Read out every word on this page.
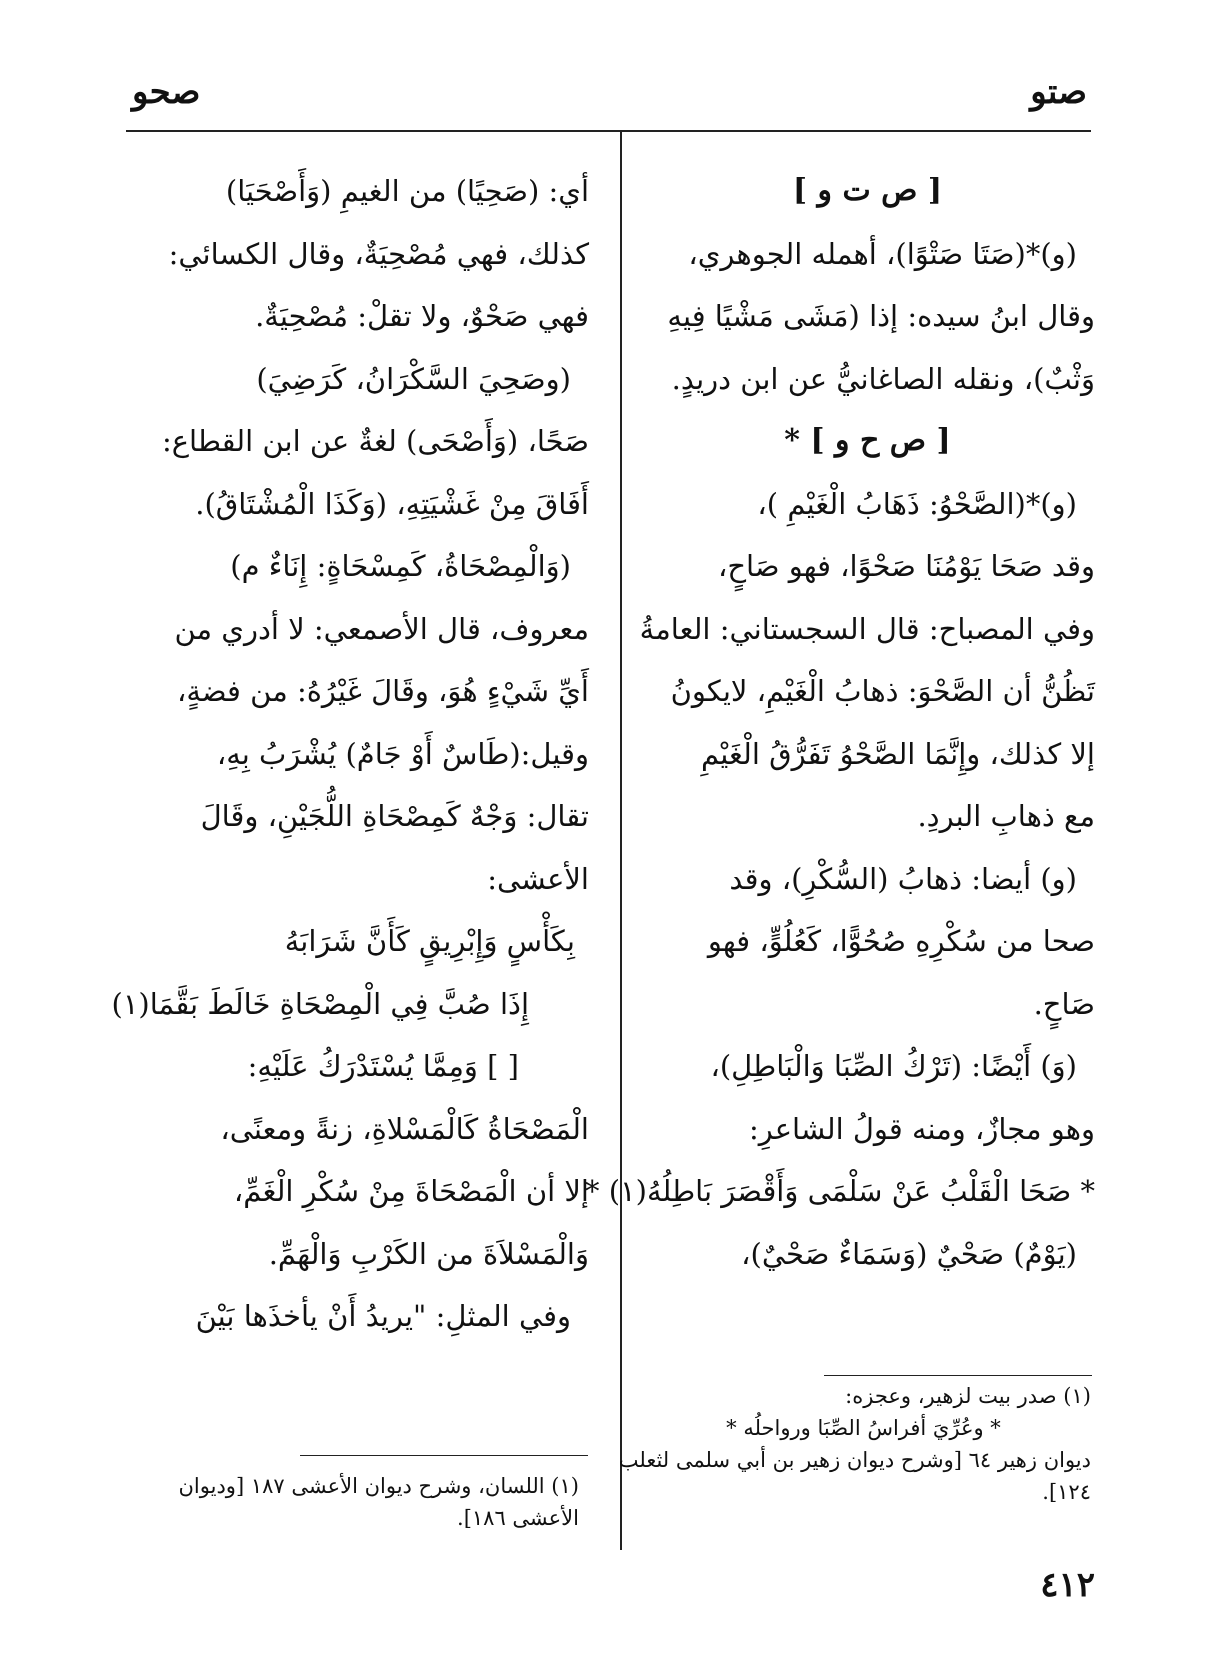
صتو
صحو
[ ص ت و ]
(و)*(صَتَا صَتْوًا)، أهمله الجوهري،
وقال ابنُ سيده: إذا (مَشَى مَشْيًا فِيهِ
وَثْبٌ)، ونقله الصاغانيُّ عن ابن دريدٍ.
[ ص ح و ] *
(و)*(الصَّحْوُ: ذَهَابُ الْغَيْمِ )،
وقد صَحَا يَوْمُنَا صَحْوًا، فهو صَاحٍ،
وفي المصباح: قال السجستاني: العامةُ
تَظُنُّ أن الصَّحْوَ: ذهابُ الْغَيْمِ، لايكونُ
إلا كذلك، وإِنَّمَا الصَّحْوُ تَفَرُّقُ الْغَيْمِ
مع ذهابِ البردِ.
(و) أيضا: ذهابُ (السُّكْرِ)، وقد
صحا من سُكْرِهِ صُحُوًّا، كَعُلُوٍّ، فهو
صَاحٍ.
(وَ) أَيْضًا: (تَرْكُ الصِّبَا وَالْبَاطِلِ)،
وهو مجازٌ، ومنه قولُ الشاعرِ:
* صَحَا الْقَلْبُ عَنْ سَلْمَى وَأَقْصَرَ بَاطِلُهُ(١) *
(يَوْمٌ) صَحْيٌ (وَسَمَاءٌ صَحْيٌ)،
أي: (صَحِيًا) من الغيمِ (وَأَصْحَيَا)
كذلك، فهي مُصْحِيَةٌ، وقال الكسائي:
فهي صَحْوٌ، ولا تقلْ: مُصْحِيَةٌ.
(وصَحِيَ السَّكْرَانُ، كَرَضِيَ)
صَحًا، (وَأَصْحَى) لغةٌ عن ابن القطاع:
أَفَاقَ مِنْ غَشْيَتِهِ، (وَكَذَا الْمُشْتَاقُ).
(وَالْمِصْحَاةُ، كَمِسْحَاةٍ: إِنَاءٌ م)
معروف، قال الأصمعي: لا أدري من
أَيِّ شَيْءٍ هُوَ، وقَالَ غَيْرُهُ: من فضةٍ،
وقيل:(طَاسٌ أَوْ جَامٌ) يُشْرَبُ بِهِ،
تقال: وَجْهٌ كَمِصْحَاةِ اللُّجَيْنِ، وقَالَ
الأعشى:
بِكَأْسٍ وَإِبْرِيقٍ كَأَنَّ شَرَابَهُ
إِذَا صُبَّ فِي الْمِصْحَاةِ خَالَطَ بَقَّمَا(١)
[ ] وَمِمَّا يُسْتَدْرَكُ عَلَيْهِ:
الْمَصْحَاةُ كَالْمَسْلاةِ، زنةً ومعنًى،
إلا أن الْمَصْحَاةَ مِنْ سُكْرِ الْغَمِّ،
وَالْمَسْلاَةَ من الكَرْبِ وَالْهَمِّ.
وفي المثلِ: "يريدُ أَنْ يأخذَها بَيْنَ
(١) صدر بيت لزهير، وعجزه:
* وعُرِّيَ أفراسُ الصِّبَا ورواحلُه *
ديوان زهير ٦٤ [وشرح ديوان زهير بن أبي سلمى لثعلب
١٢٤].
(١) اللسان، وشرح ديوان الأعشى ١٨٧ [وديوان
الأعشى ١٨٦].
٤١٢
